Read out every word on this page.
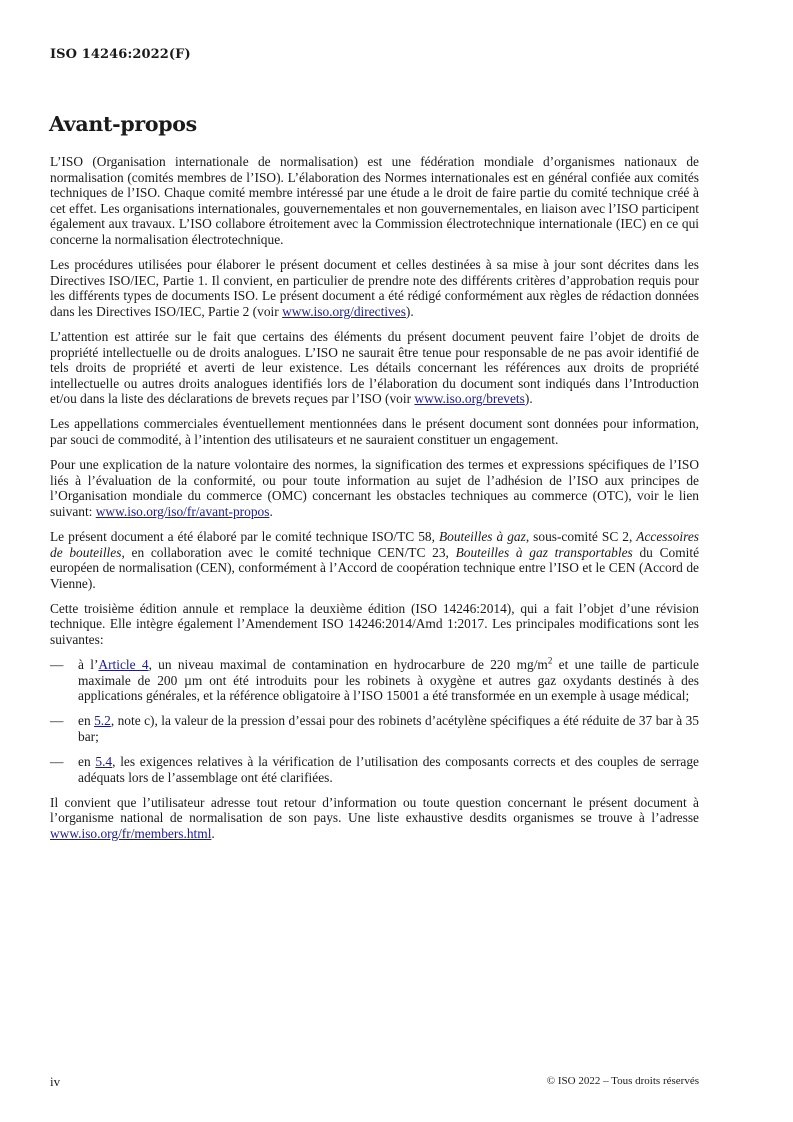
ISO 14246:2022(F)
Avant-propos

L’ISO (Organisation internationale de normalisation) est une fédération mondiale d’organismes nationaux de normalisation (comités membres de l’ISO). L’élaboration des Normes internationales est en général confiée aux comités techniques de l’ISO. Chaque comité membre intéressé par une étude a le droit de faire partie du comité technique créé à cet effet. Les organisations internationales, gouvernementales et non gouvernementales, en liaison avec l’ISO participent également aux travaux. L’ISO collabore étroitement avec la Commission électrotechnique internationale (IEC) en ce qui concerne la normalisation électrotechnique.

Les procédures utilisées pour élaborer le présent document et celles destinées à sa mise à jour sont décrites dans les Directives ISO/IEC, Partie 1. Il convient, en particulier de prendre note des différents critères d’approbation requis pour les différents types de documents ISO. Le présent document a été rédigé conformément aux règles de rédaction données dans les Directives ISO/IEC, Partie 2 (voir www.iso.org/directives).

L’attention est attirée sur le fait que certains des éléments du présent document peuvent faire l’objet de droits de propriété intellectuelle ou de droits analogues. L’ISO ne saurait être tenue pour responsable de ne pas avoir identifié de tels droits de propriété et averti de leur existence. Les détails concernant les références aux droits de propriété intellectuelle ou autres droits analogues identifiés lors de l’élaboration du document sont indiqués dans l’Introduction et/ou dans la liste des déclarations de brevets reçues par l’ISO (voir www.iso.org/brevets).

Les appellations commerciales éventuellement mentionnées dans le présent document sont données pour information, par souci de commodité, à l’intention des utilisateurs et ne sauraient constituer un engagement.

Pour une explication de la nature volontaire des normes, la signification des termes et expressions spécifiques de l’ISO liés à l’évaluation de la conformité, ou pour toute information au sujet de l’adhésion de l’ISO aux principes de l’Organisation mondiale du commerce (OMC) concernant les obstacles techniques au commerce (OTC), voir le lien suivant: www.iso.org/iso/fr/avant-propos.

Le présent document a été élaboré par le comité technique ISO/TC 58, Bouteilles à gaz, sous-comité SC 2, Accessoires de bouteilles, en collaboration avec le comité technique CEN/TC 23, Bouteilles à gaz transportables du Comité européen de normalisation (CEN), conformément à l’Accord de coopération technique entre l’ISO et le CEN (Accord de Vienne).

Cette troisième édition annule et remplace la deuxième édition (ISO 14246:2014), qui a fait l’objet d’une révision technique. Elle intègre également l’Amendement ISO 14246:2014/Amd 1:2017. Les principales modifications sont les suivantes:

— à l’Article 4, un niveau maximal de contamination en hydrocarbure de 220 $mg/m^2$ et une taille de particule maximale de 200 µm ont été introduits pour les robinets à oxygène et autres gaz oxydants destinés à des applications générales, et la référence obligatoire à l’ISO 15001 a été transformée en un exemple à usage médical;
— en 5.2, note c), la valeur de la pression d’essai pour des robinets d’acétylène spécifiques a été réduite de 37 bar à 35 bar;
— en 5.4, les exigences relatives à la vérification de l’utilisation des composants corrects et des couples de serrage adéquats lors de l’assemblage ont été clarifiées.

Il convient que l’utilisateur adresse tout retour d’information ou toute question concernant le présent document à l’organisme national de normalisation de son pays. Une liste exhaustive desdits organismes se trouve à l’adresse www.iso.org/fr/members.html.

iv	© ISO 2022 – Tous droits réservés
